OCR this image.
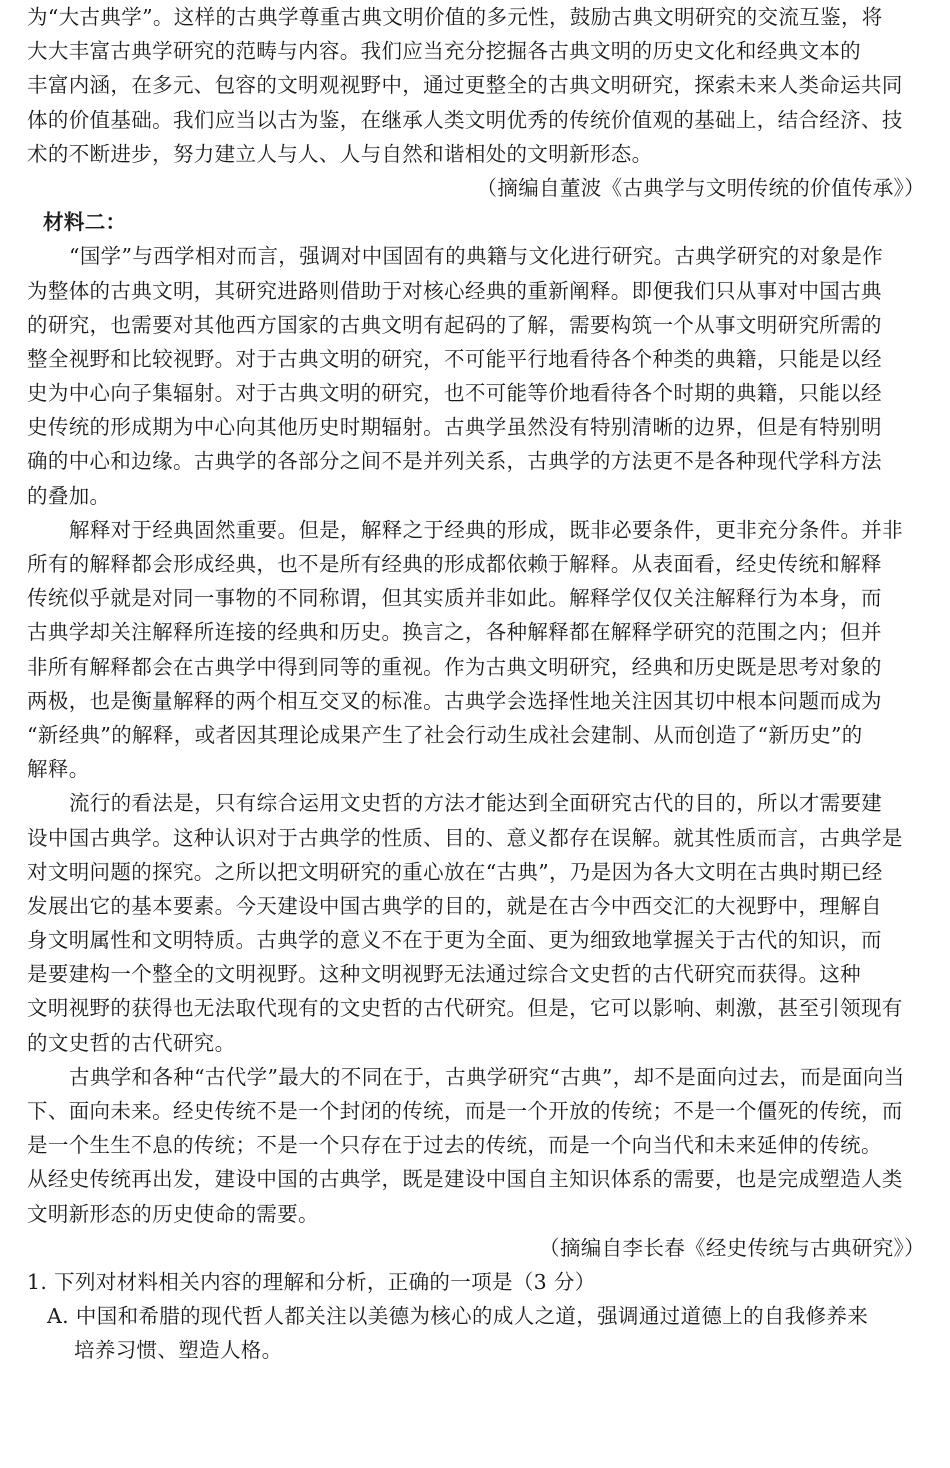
为“大古典学”。这样的古典学尊重古典文明价值的多元性，鼓励古典文明研究的交流互鉴，将
大大丰富古典学研究的范畴与内容。我们应当充分挖掘各古典文明的历史文化和经典文本的
丰富内涵，在多元、包容的文明观视野中，通过更整全的古典文明研究，探索未来人类命运共同
体的价值基础。我们应当以古为鉴，在继承人类文明优秀的传统价值观的基础上，结合经济、技
术的不断进步，努力建立人与人、人与自然和谐相处的文明新形态。
（摘编自董波《古典学与文明传统的价值传承》）
材料二：
“国学”与西学相对而言，强调对中国固有的典籍与文化进行研究。古典学研究的对象是作
为整体的古典文明，其研究进路则借助于对核心经典的重新阐释。即便我们只从事对中国古典
的研究，也需要对其他西方国家的古典文明有起码的了解，需要构筑一个从事文明研究所需的
整全视野和比较视野。对于古典文明的研究，不可能平行地看待各个种类的典籍，只能是以经
史为中心向子集辐射。对于古典文明的研究，也不可能等价地看待各个时期的典籍，只能以经
史传统的形成期为中心向其他历史时期辐射。古典学虽然没有特别清晰的边界，但是有特别明
确的中心和边缘。古典学的各部分之间不是并列关系，古典学的方法更不是各种现代学科方法
的叠加。
解释对于经典固然重要。但是，解释之于经典的形成，既非必要条件，更非充分条件。并非
所有的解释都会形成经典，也不是所有经典的形成都依赖于解释。从表面看，经史传统和解释
传统似乎就是对同一事物的不同称谓，但其实质并非如此。解释学仅仅关注解释行为本身，而
古典学却关注解释所连接的经典和历史。换言之，各种解释都在解释学研究的范围之内；但并
非所有解释都会在古典学中得到同等的重视。作为古典文明研究，经典和历史既是思考对象的
两极，也是衡量解释的两个相互交叉的标准。古典学会选择性地关注因其切中根本问题而成为
“新经典”的解释，或者因其理论成果产生了社会行动生成社会建制、从而创造了“新历史”的
解释。
流行的看法是，只有综合运用文史哲的方法才能达到全面研究古代的目的，所以才需要建
设中国古典学。这种认识对于古典学的性质、目的、意义都存在误解。就其性质而言，古典学是
对文明问题的探究。之所以把文明研究的重心放在“古典”，乃是因为各大文明在古典时期已经
发展出它的基本要素。今天建设中国古典学的目的，就是在古今中西交汇的大视野中，理解自
身文明属性和文明特质。古典学的意义不在于更为全面、更为细致地掌握关于古代的知识，而
是要建构一个整全的文明视野。这种文明视野无法通过综合文史哲的古代研究而获得。这种
文明视野的获得也无法取代现有的文史哲的古代研究。但是，它可以影响、刺激，甚至引领现有
的文史哲的古代研究。
古典学和各种“古代学”最大的不同在于，古典学研究“古典”，却不是面向过去，而是面向当
下、面向未来。经史传统不是一个封闭的传统，而是一个开放的传统；不是一个僵死的传统，而
是一个生生不息的传统；不是一个只存在于过去的传统，而是一个向当代和未来延伸的传统。
从经史传统再出发，建设中国的古典学，既是建设中国自主知识体系的需要，也是完成塑造人类
文明新形态的历史使命的需要。
（摘编自李长春《经史传统与古典研究》）
1. 下列对材料相关内容的理解和分析，正确的一项是（3 分）
A. 中国和希腊的现代哲人都关注以美德为核心的成人之道，强调通过道德上的自我修养来
培养习惯、塑造人格。
